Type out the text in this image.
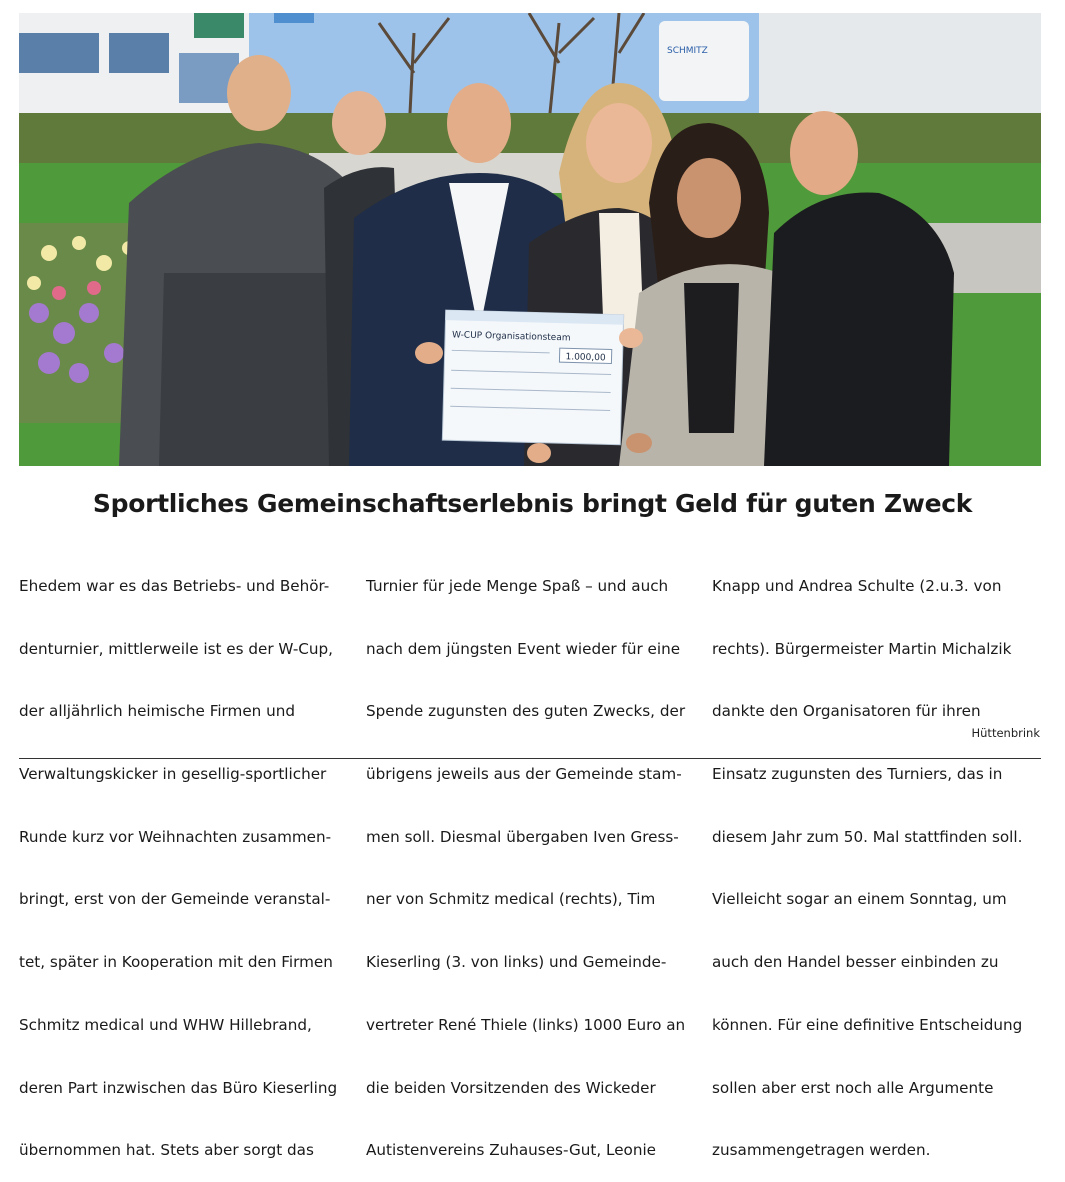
SCHMITZ
W-CUP Organisationsteam
1.000,00
Sportliches Gemeinschaftserlebnis bringt Geld für guten Zweck

Ehedem war es das Betriebs- und Behör-

denturnier, mittlerweile ist es der W-Cup,

der alljährlich heimische Firmen und

Verwaltungskicker in gesellig-sportlicher

Runde kurz vor Weihnachten zusammen-

bringt, erst von der Gemeinde veranstal-

tet, später in Kooperation mit den Firmen

Schmitz medical und WHW Hillebrand,

deren Part inzwischen das Büro Kieserling

übernommen hat. Stets aber sorgt das

Turnier für jede Menge Spaß – und auch

nach dem jüngsten Event wieder für eine

Spende zugunsten des guten Zwecks, der

übrigens jeweils aus der Gemeinde stam-

men soll. Diesmal übergaben Iven Gress-

ner von Schmitz medical (rechts), Tim

Kieserling (3. von links) und Gemeinde-

vertreter René Thiele (links) 1000 Euro an

die beiden Vorsitzenden des Wickeder

Autistenvereins Zuhauses-Gut, Leonie

Knapp und Andrea Schulte (2.u.3. von

rechts). Bürgermeister Martin Michalzik

dankte den Organisatoren für ihren

Einsatz zugunsten des Turniers, das in

diesem Jahr zum 50. Mal stattfinden soll.

Vielleicht sogar an einem Sonntag, um

auch den Handel besser einbinden zu

können. Für eine definitive Entscheidung

sollen aber erst noch alle Argumente

zusammengetragen werden.

Hüttenbrink
